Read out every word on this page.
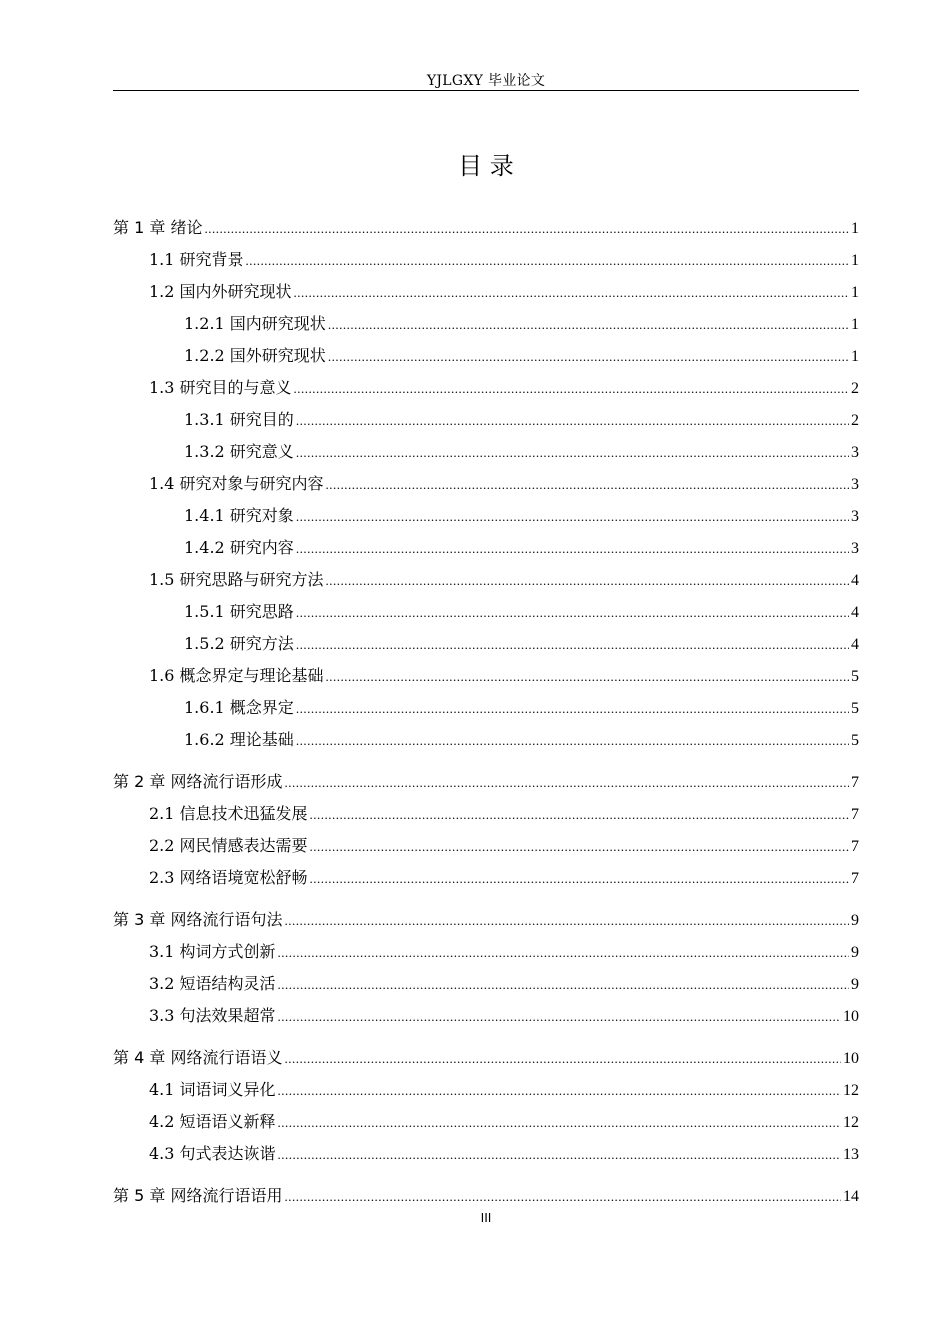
YJLGXY 毕业论文
目 录
第 1 章 绪论 .....	1
1.1 研究背景 .....	1
1.2 国内外研究现状 .....	1
1.2.1 国内研究现状 .....	1
1.2.2 国外研究现状 .....	1
1.3 研究目的与意义 .....	2
1.3.1 研究目的 .....	2
1.3.2 研究意义 .....	3
1.4 研究对象与研究内容 .....	3
1.4.1 研究对象 .....	3
1.4.2 研究内容 .....	3
1.5 研究思路与研究方法 .....	4
1.5.1 研究思路 .....	4
1.5.2 研究方法 .....	4
1.6 概念界定与理论基础 .....	5
1.6.1 概念界定 .....	5
1.6.2 理论基础 .....	5
第 2 章 网络流行语形成 .....	7
2.1 信息技术迅猛发展 .....	7
2.2 网民情感表达需要 .....	7
2.3 网络语境宽松舒畅 .....	7
第 3 章 网络流行语句法 .....	9
3.1 构词方式创新 .....	9
3.2 短语结构灵活 .....	9
3.3 句法效果超常 .....	10
第 4 章 网络流行语语义 .....	10
4.1 词语词义异化 .....	12
4.2 短语语义新释 .....	12
4.3 句式表达诙谐 .....	13
第 5 章 网络流行语语用 .....	14
III
